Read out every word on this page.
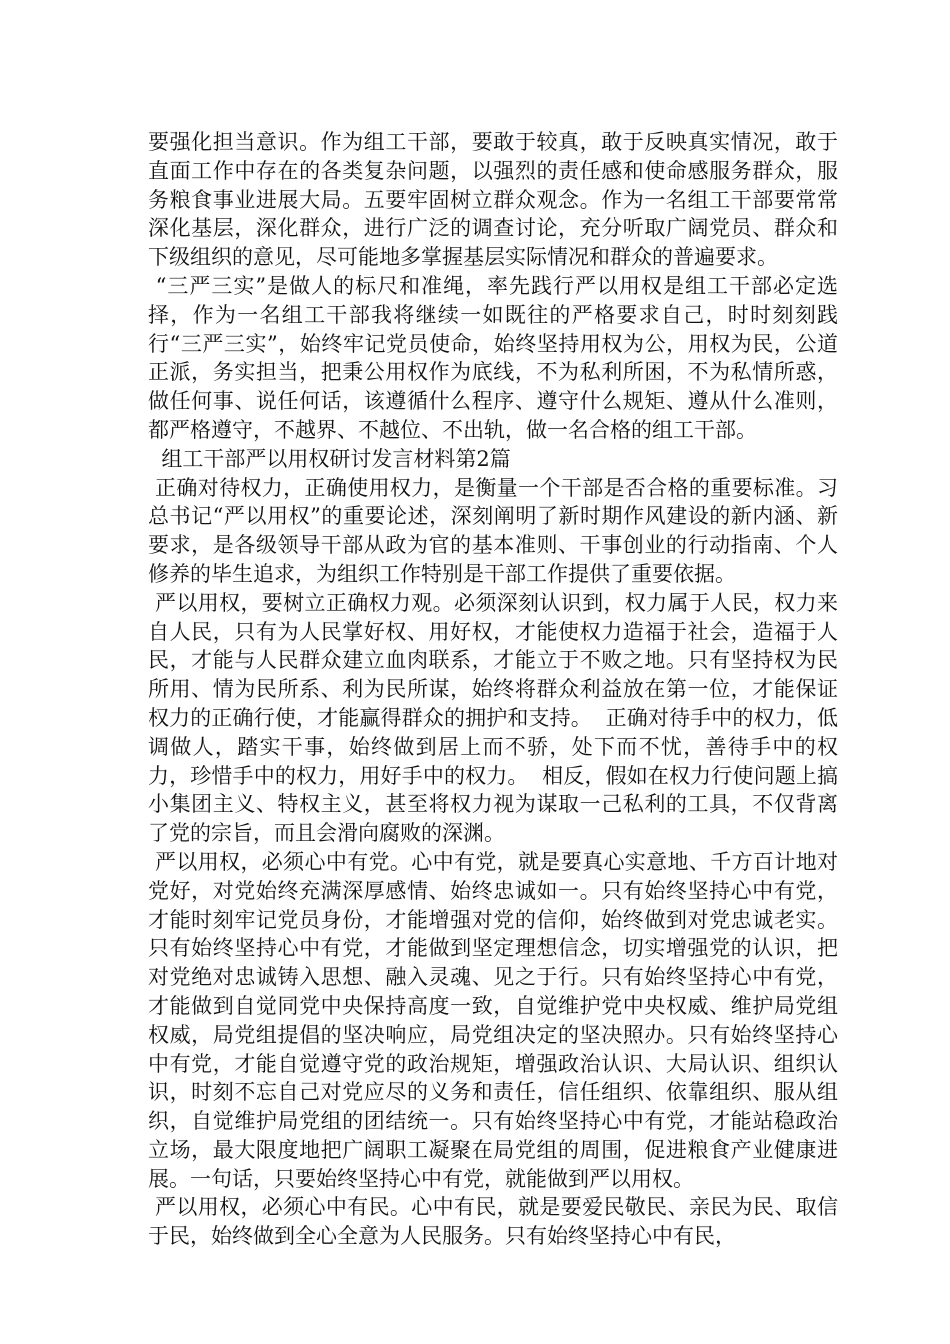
要强化担当意识。作为组工干部，要敢于较真，敢于反映真实情况，敢于直面工作中存在的各类复杂问题，以强烈的责任感和使命感服务群众，服务粮食事业进展大局。五要牢固树立群众观念。作为一名组工干部要常常深化基层，深化群众，进行广泛的调查讨论，充分听取广阔党员、群众和下级组织的意见，尽可能地多掌握基层实际情况和群众的普遍要求。

“三严三实”是做人的标尺和准绳，率先践行严以用权是组工干部必定选择，作为一名组工干部我将继续一如既往的严格要求自己，时时刻刻践行“三严三实”，始终牢记党员使命，始终坚持用权为公，用权为民，公道正派，务实担当，把秉公用权作为底线，不为私利所困，不为私情所惑，做任何事、说任何话，该遵循什么程序、遵守什么规矩、遵从什么准则，都严格遵守，不越界、不越位、不出轨，做一名合格的组工干部。

组工干部严以用权研讨发言材料第2篇

正确对待权力，正确使用权力，是衡量一个干部是否合格的重要标准。习总书记“严以用权”的重要论述，深刻阐明了新时期作风建设的新内涵、新要求，是各级领导干部从政为官的基本准则、干事创业的行动指南、个人修养的毕生追求，为组织工作特别是干部工作提供了重要依据。

严以用权，要树立正确权力观。必须深刻认识到，权力属于人民，权力来自人民，只有为人民掌好权、用好权，才能使权力造福于社会，造福于人民，才能与人民群众建立血肉联系，才能立于不败之地。只有坚持权为民所用、情为民所系、利为民所谋，始终将群众利益放在第一位，才能保证权力的正确行使，才能赢得群众的拥护和支持。  正确对待手中的权力，低调做人，踏实干事，始终做到居上而不骄，处下而不忧，善待手中的权力，珍惜手中的权力，用好手中的权力。  相反，假如在权力行使问题上搞小集团主义、特权主义，甚至将权力视为谋取一己私利的工具，不仅背离了党的宗旨，而且会滑向腐败的深渊。

严以用权，必须心中有党。心中有党，就是要真心实意地、千方百计地对党好，对党始终充满深厚感情、始终忠诚如一。只有始终坚持心中有党，才能时刻牢记党员身份，才能增强对党的信仰，始终做到对党忠诚老实。只有始终坚持心中有党，才能做到坚定理想信念，切实增强党的认识，把对党绝对忠诚铸入思想、融入灵魂、见之于行。只有始终坚持心中有党，才能做到自觉同党中央保持高度一致，自觉维护党中央权威、维护局党组权威，局党组提倡的坚决响应，局党组决定的坚决照办。只有始终坚持心中有党，才能自觉遵守党的政治规矩，增强政治认识、大局认识、组织认识，时刻不忘自己对党应尽的义务和责任，信任组织、依靠组织、服从组织，自觉维护局党组的团结统一。只有始终坚持心中有党，才能站稳政治立场，最大限度地把广阔职工凝聚在局党组的周围，促进粮食产业健康进展。一句话，只要始终坚持心中有党，就能做到严以用权。

严以用权，必须心中有民。心中有民，就是要爱民敬民、亲民为民、取信于民，始终做到全心全意为人民服务。只有始终坚持心中有民，
